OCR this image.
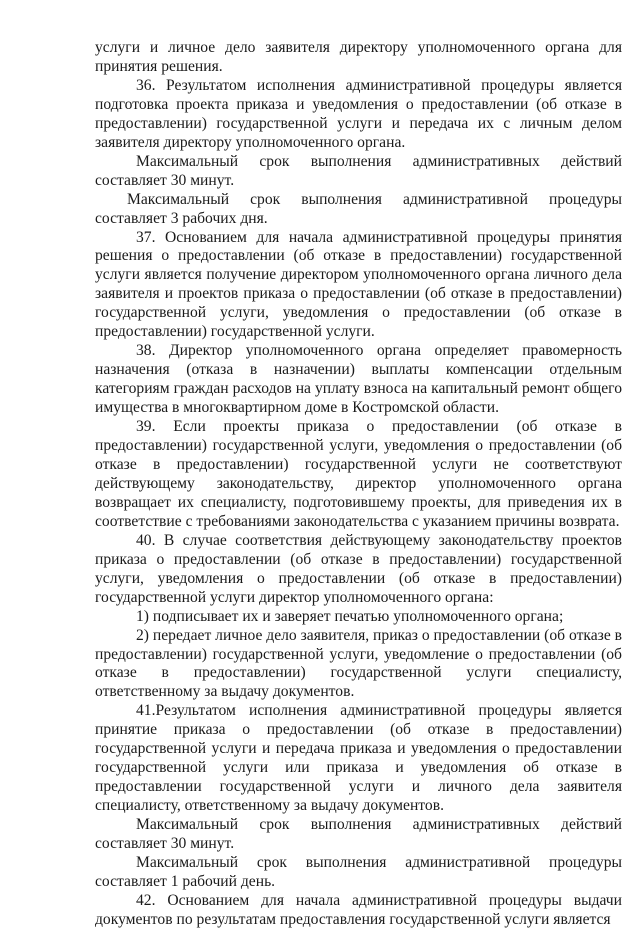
услуги и личное дело заявителя директору уполномоченного органа для принятия решения.

36. Результатом исполнения административной процедуры является подготовка проекта приказа и уведомления о предоставлении (об отказе в предоставлении) государственной услуги и передача их с личным делом заявителя директору уполномоченного органа.

Максимальный срок выполнения административных действий составляет 30 минут.

Максимальный срок выполнения административной процедуры составляет 3 рабочих дня.

37. Основанием для начала административной процедуры принятия решения о предоставлении (об отказе в предоставлении) государственной услуги является получение директором уполномоченного органа личного дела заявителя и проектов приказа о предоставлении (об отказе в предоставлении) государственной услуги, уведомления о предоставлении (об отказе в предоставлении) государственной услуги.

38. Директор уполномоченного органа определяет правомерность назначения (отказа в назначении) выплаты компенсации отдельным категориям граждан расходов на уплату взноса на капитальный ремонт общего имущества в многоквартирном доме в Костромской области.

39. Если проекты приказа о предоставлении (об отказе в предоставлении) государственной услуги, уведомления о предоставлении (об отказе в предоставлении) государственной услуги не соответствуют действующему законодательству, директор уполномоченного органа возвращает их специалисту, подготовившему проекты, для приведения их в соответствие с требованиями законодательства с указанием причины возврата.

40. В случае соответствия действующему законодательству проектов приказа о предоставлении (об отказе в предоставлении) государственной услуги, уведомления о предоставлении (об отказе в предоставлении) государственной услуги директор уполномоченного органа:

1) подписывает их и заверяет печатью уполномоченного органа;

2) передает личное дело заявителя, приказ о предоставлении (об отказе в предоставлении) государственной услуги, уведомление о предоставлении (об отказе в предоставлении) государственной услуги специалисту, ответственному за выдачу документов.

41.Результатом исполнения административной процедуры является принятие приказа о предоставлении (об отказе в предоставлении) государственной услуги и передача приказа и уведомления о предоставлении государственной услуги или приказа и уведомления об отказе в предоставлении государственной услуги и личного дела заявителя специалисту, ответственному за выдачу документов.

Максимальный срок выполнения административных действий составляет 30 минут.

Максимальный срок выполнения административной процедуры составляет 1 рабочий день.

42. Основанием для начала административной процедуры выдачи документов по результатам предоставления государственной услуги является
